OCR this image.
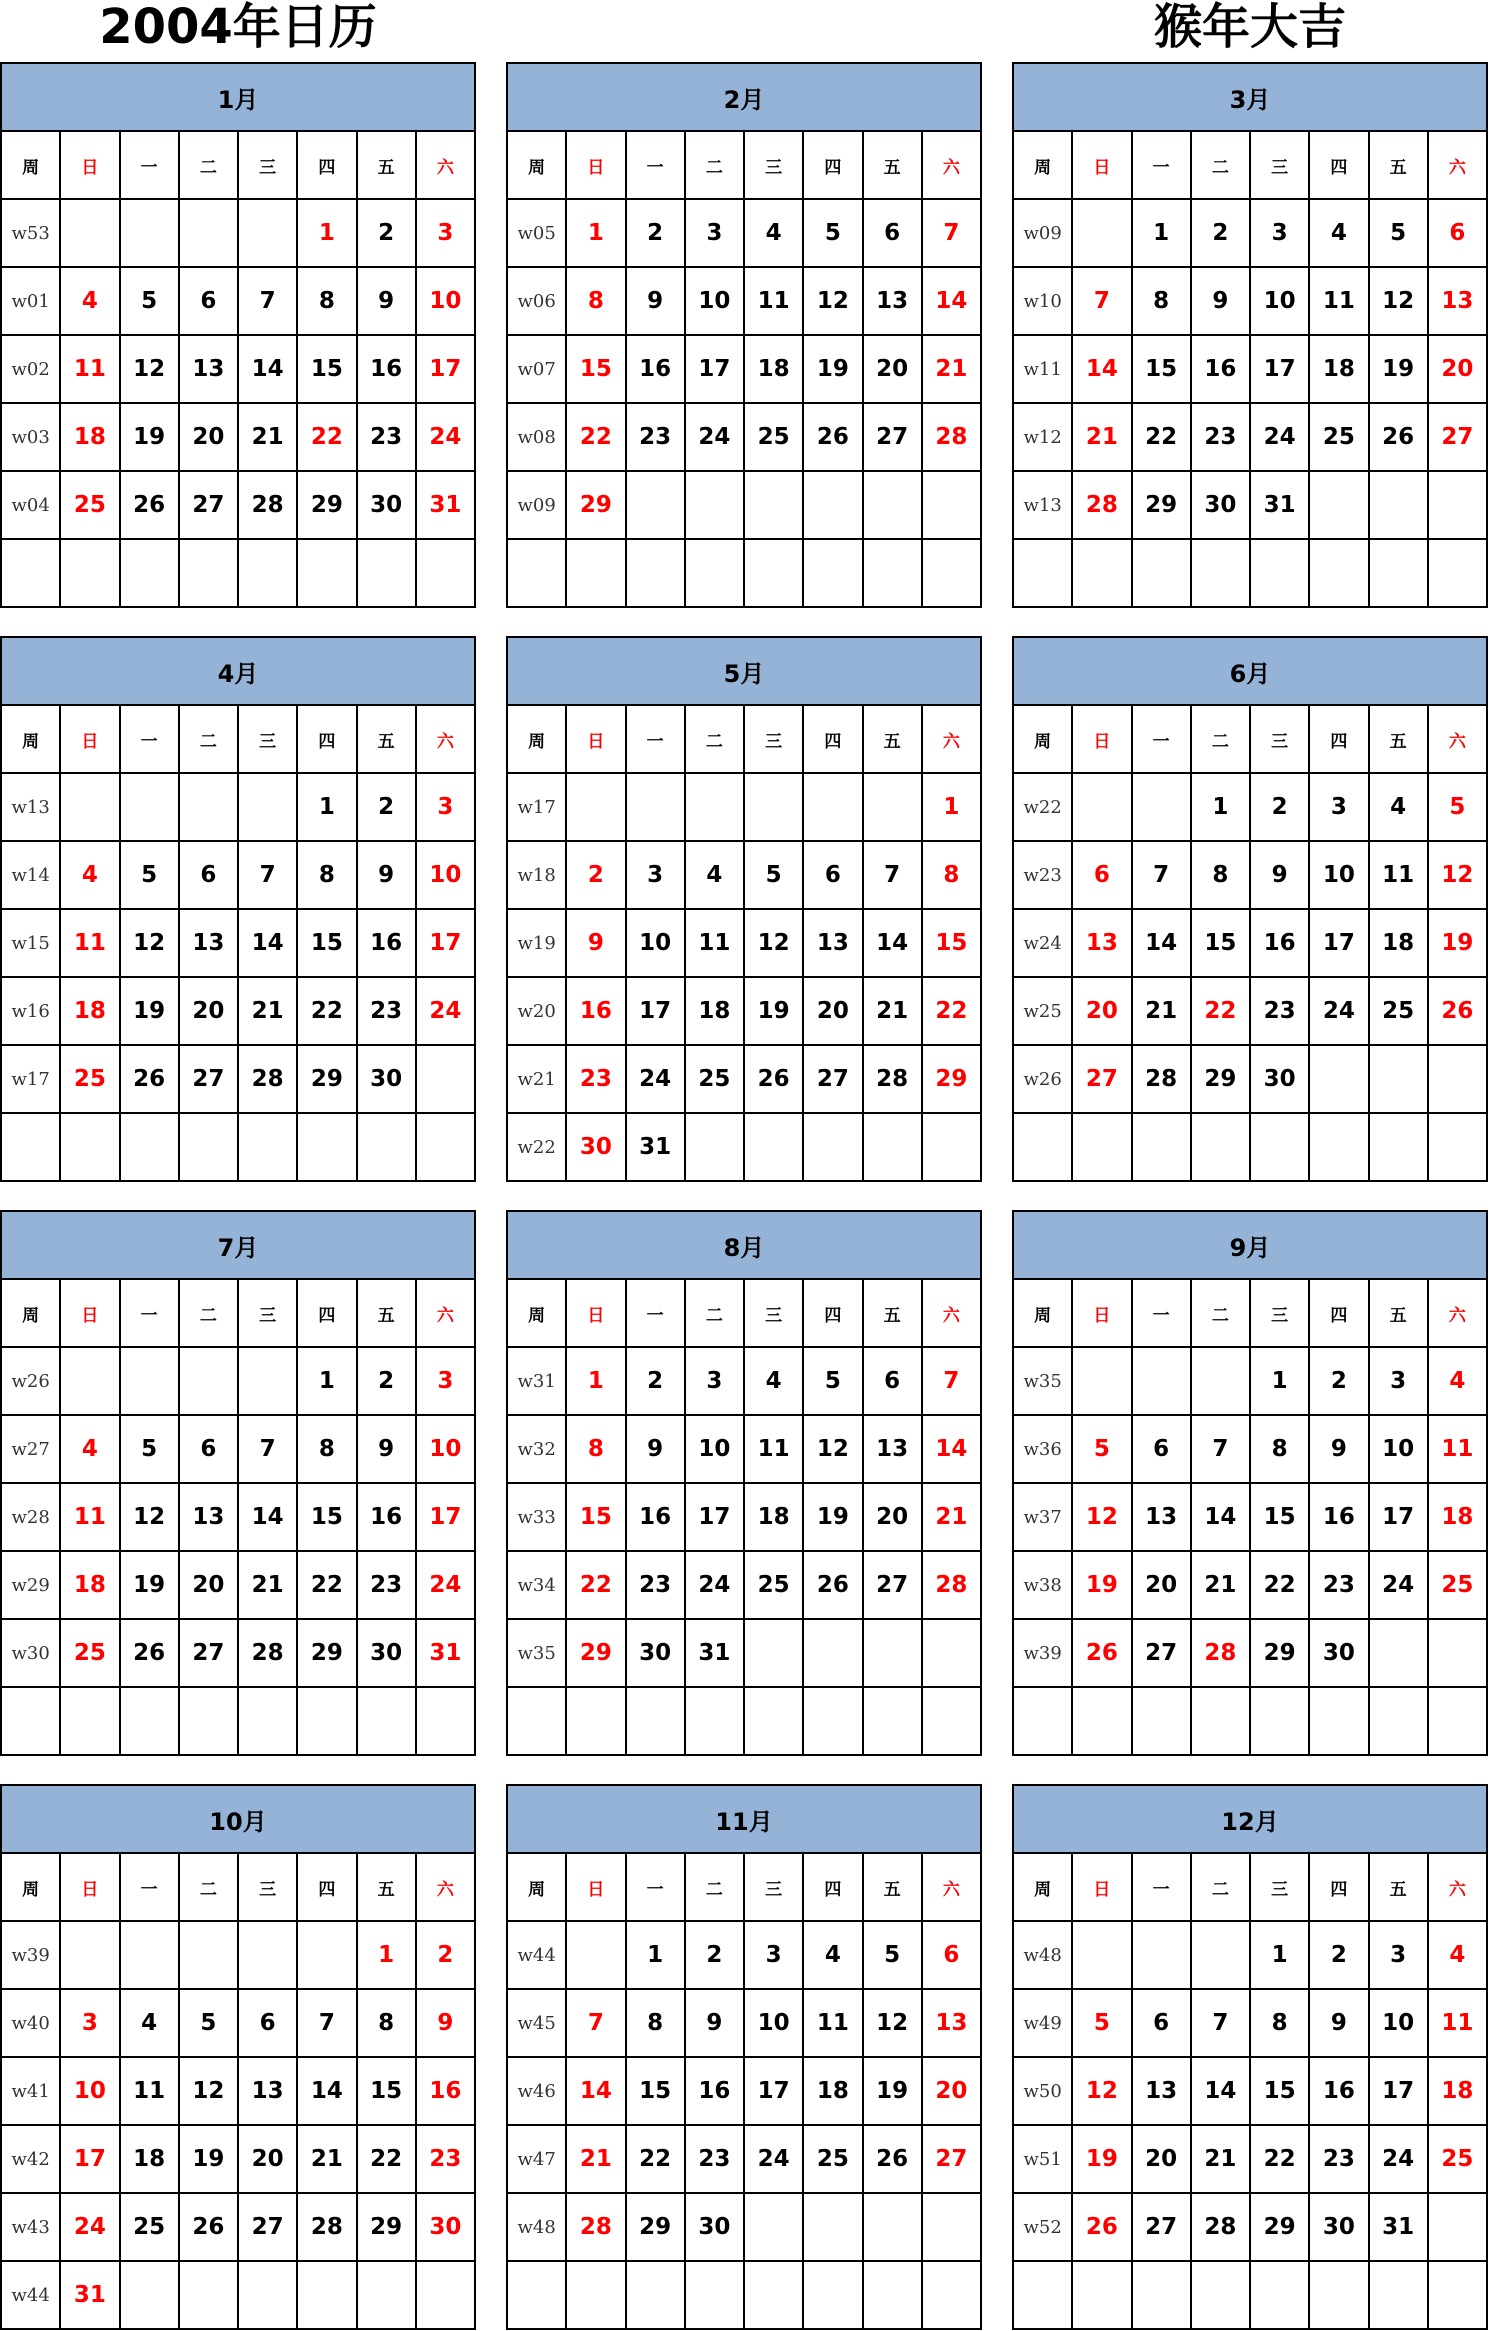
2004年日历	猴年大吉
1月							
周	日	一	二	三	四	五	六
w53					1	2	3
w01	4	5	6	7	8	9	10
w02	11	12	13	14	15	16	17
w03	18	19	20	21	22	23	24
w04	25	26	27	28	29	30	31

2月							
周	日	一	二	三	四	五	六
w05	1	2	3	4	5	6	7
w06	8	9	10	11	12	13	14
w07	15	16	17	18	19	20	21
w08	22	23	24	25	26	27	28
w09	29						

3月							
周	日	一	二	三	四	五	六
w09		1	2	3	4	5	6
w10	7	8	9	10	11	12	13
w11	14	15	16	17	18	19	20
w12	21	22	23	24	25	26	27
w13	28	29	30	31			

4月							
周	日	一	二	三	四	五	六
w13					1	2	3
w14	4	5	6	7	8	9	10
w15	11	12	13	14	15	16	17
w16	18	19	20	21	22	23	24
w17	25	26	27	28	29	30	

5月							
周	日	一	二	三	四	五	六
w17							1
w18	2	3	4	5	6	7	8
w19	9	10	11	12	13	14	15
w20	16	17	18	19	20	21	22
w21	23	24	25	26	27	28	29
w22	30	31					
6月							
周	日	一	二	三	四	五	六
w22			1	2	3	4	5
w23	6	7	8	9	10	11	12
w24	13	14	15	16	17	18	19
w25	20	21	22	23	24	25	26
w26	27	28	29	30			

7月							
周	日	一	二	三	四	五	六
w26					1	2	3
w27	4	5	6	7	8	9	10
w28	11	12	13	14	15	16	17
w29	18	19	20	21	22	23	24
w30	25	26	27	28	29	30	31

8月							
周	日	一	二	三	四	五	六
w31	1	2	3	4	5	6	7
w32	8	9	10	11	12	13	14
w33	15	16	17	18	19	20	21
w34	22	23	24	25	26	27	28
w35	29	30	31				

9月							
周	日	一	二	三	四	五	六
w35				1	2	3	4
w36	5	6	7	8	9	10	11
w37	12	13	14	15	16	17	18
w38	19	20	21	22	23	24	25
w39	26	27	28	29	30		

10月							
周	日	一	二	三	四	五	六
w39						1	2
w40	3	4	5	6	7	8	9
w41	10	11	12	13	14	15	16
w42	17	18	19	20	21	22	23
w43	24	25	26	27	28	29	30
w44	31						
11月							
周	日	一	二	三	四	五	六
w44		1	2	3	4	5	6
w45	7	8	9	10	11	12	13
w46	14	15	16	17	18	19	20
w47	21	22	23	24	25	26	27
w48	28	29	30				

12月							
周	日	一	二	三	四	五	六
w48				1	2	3	4
w49	5	6	7	8	9	10	11
w50	12	13	14	15	16	17	18
w51	19	20	21	22	23	24	25
w52	26	27	28	29	30	31	
